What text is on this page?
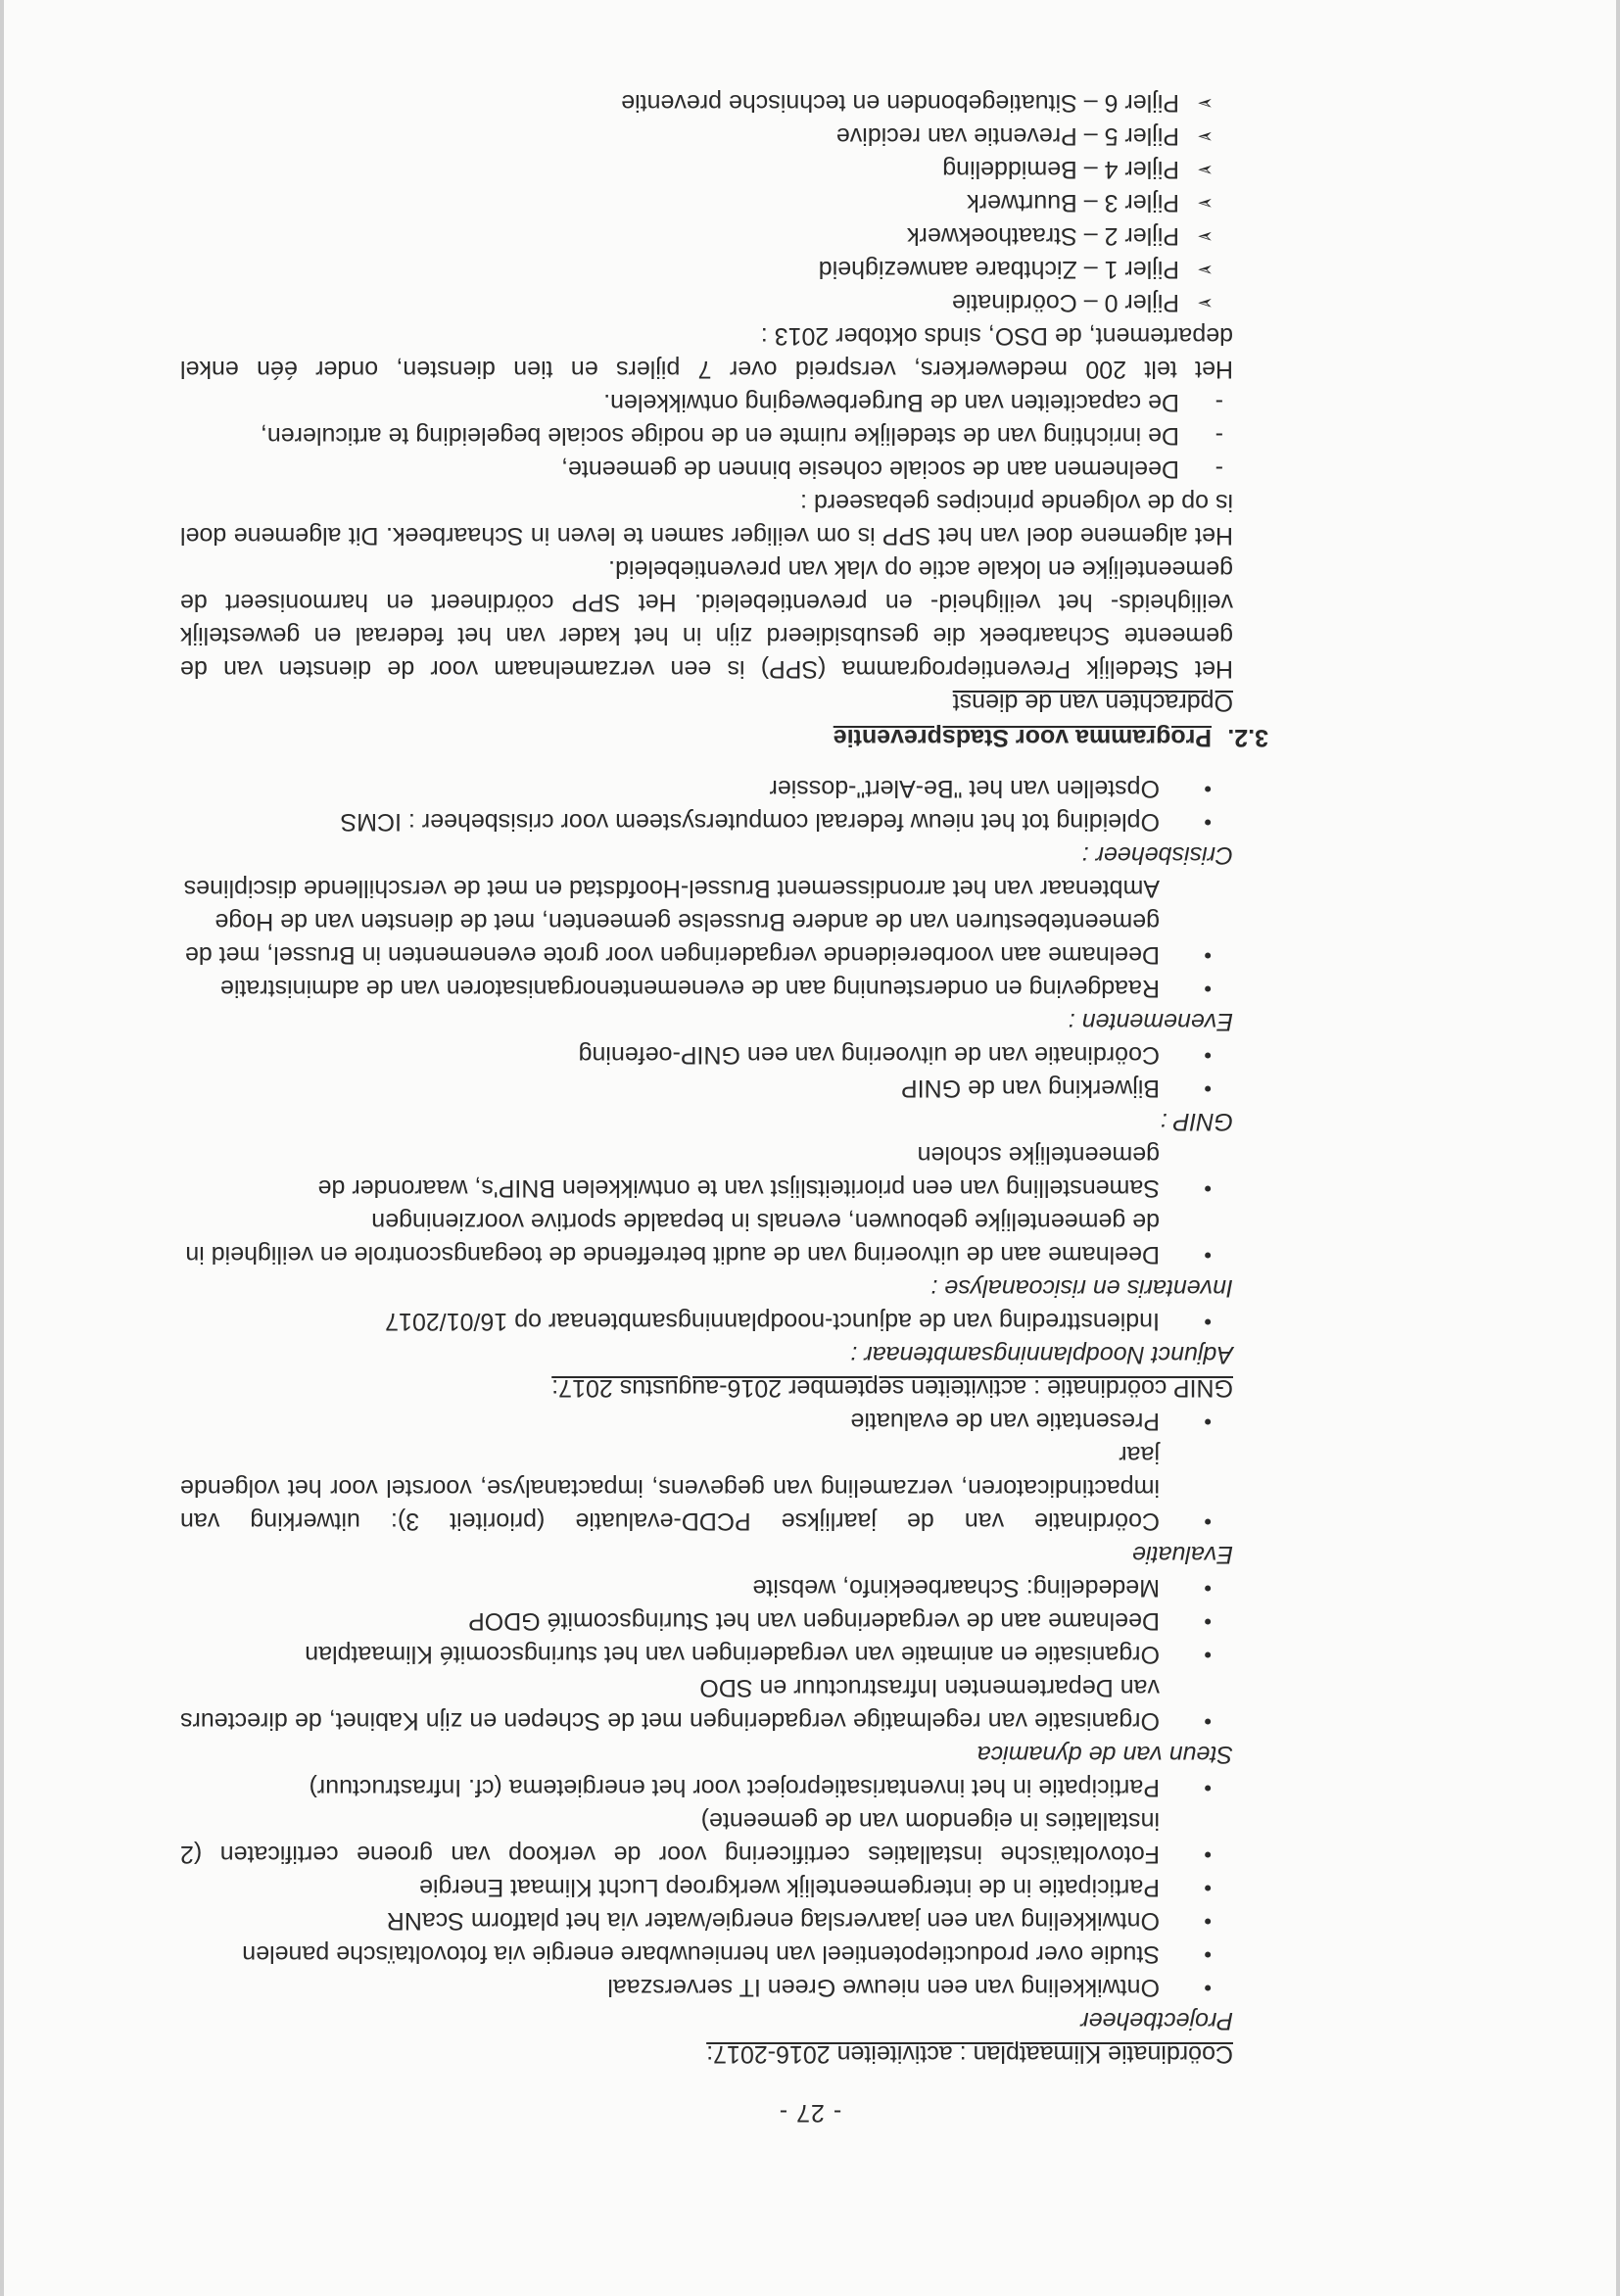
- 27 -
Coördinatie Klimaatplan : activiteiten 2016-2017:
Projectbeheer
• Ontwikkeling van een nieuwe Green IT serverszaal
• Studie over productiepotentieel van hernieuwbare energie via fotovoltaïsche panelen
• Ontwikkeling van een jaarverslag energie/water via het platform ScaNR
• Participatie in de intergemeentelijk werkgroep Lucht Klimaat Energie
• Fotovoltaïsche installaties certificering voor de verkoop van groene certificaten (2 installaties in eigendom van de gemeente)
• Participatie in het inventarisatieproject voor het energietema (cf. Infrastructuur)
Steun van de dynamica
• Organisatie van regelmatige vergaderingen met de Schepen en zijn Kabinet, de directeurs van Departementen Infrastructuur en SDO
• Organisatie en animatie van vergaderingen van het sturingscomité Klimaatplan
• Deelname aan de vergaderingen van het Sturingscomité GDOP
• Mededeling: Schaarbeekinfo, website
Evaluatie
• Coördinatie van de jaarlijkse PCDD-evaluatie (prioriteit 3): uitwerking van impactindicatoren, verzameling van gegevens, impactanalyse, voorstel voor het volgende jaar
• Presentatie van de evaluatie
GNIP coördinatie : activiteiten september 2016-augustus 2017:
Adjunct Noodplanningsambtenaar :
• Indiensttreding van de adjunct-noodplanningsambtenaar op 16/01/2017
Inventaris en risicoanalyse :
• Deelname aan de uitvoering van de audit betreffende de toegangscontrole en veiligheid in de gemeentelijke gebouwen, evenals in bepaalde sportive voorzieningen
• Samenstelling van een prioriteitslijst van te ontwikkelen BNIP's, waaronder de gemeentelijke scholen
GNIP :
• Bijwerking van de GNIP
• Coördinatie van de uitvoering van een GNIP-oefening
Evenementen :
• Raadgeving en ondersteuning aan de evenementenorganisatoren van de administratie
• Deelname aan voorbereidende vergaderingen voor grote evenementen in Brussel, met de gemeentebesturen van de andere Brusselse gemeenten, met de diensten van de Hoge Ambtenaar van het arrondissement Brussel-Hoofdstad en met de verschillende disciplines
Crisisbeheer :
• Opleiding tot het nieuw federaal computersysteem voor crisisbeheer : ICMS
• Opstellen van het "Be-Alert"-dossier
3.2.Programma voor Stadspreventie
Opdrachten van de dienst
Het Stedelijk Preventieprogramma (SPP) is een verzamelnaam voor de diensten van de gemeente Schaarbeek die gesubsidieerd zijn in het kader van het federaal en gewestelijk veiligheids- het veiligheid- en preventiebeleid. Het SPP coördineert en harmoniseert de gemeentelijke en lokale actie op vlak van preventiebeleid.
Het algemene doel van het SPP is om veiliger samen te leven in Schaarbeek. Dit algemene doel is op de volgende principes gebaseerd :
- Deelnemen aan de sociale cohesie binnen de gemeente,
- De inrichting van de stedelijke ruimte en de nodige sociale begeleiding te articuleren,
- De capaciteiten van de Burgerbeweging ontwikkelen.
Het telt 200 medewerkers, verspreid over 7 pijlers en tien diensten, onder één enkel departement, de DSO, sinds oktober 2013 :
➢ Pijler 0 – Coördinatie
➢ Pijler 1 – Zichtbare aanwezigheid
➢ Pijler 2 – Straathoekwerk
➢ Pijler 3 – Buurtwerk
➢ Pijler 4 – Bemiddeling
➢ Pijler 5 – Preventie van recidive
➢ Pijler 6 – Situatiegebonden en technische preventie
